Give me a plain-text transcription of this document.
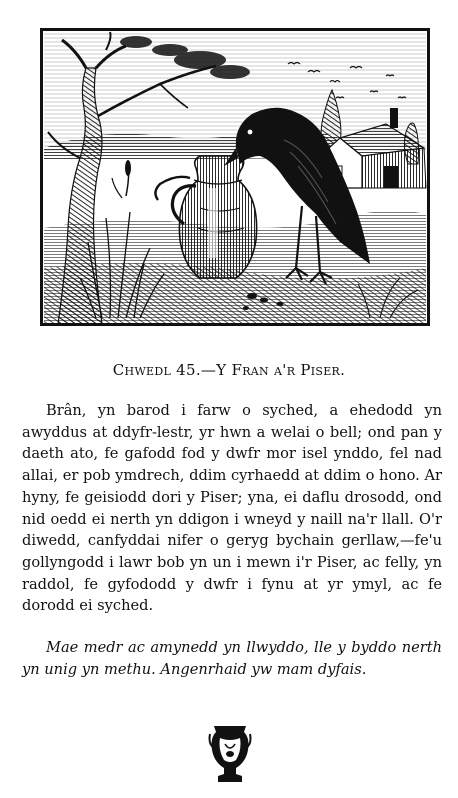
Chwedl 45.—Y Fran a'r Piser.

Brân, yn barod i farw o syched, a ehedodd yn awyddus at ddyfr-lestr, yr hwn a welai o bell; ond pan y daeth ato, fe gafodd fod y dwfr mor isel ynddo, fel nad allai, er pob ymdrech, ddim cyrhaedd at ddim o hono. Ar hyny, fe geisiodd dori y Piser; yna, ei daflu drosodd, ond nid oedd ei nerth yn ddigon i wneyd y naill na'r llall. O'r diwedd, canfyddai nifer o geryg bychain gerllaw,—fe'u gollyngodd i lawr bob yn un i mewn i'r Piser, ac felly, yn raddol, fe gyfododd y dwfr i fynu at yr ymyl, ac fe dorodd ei syched.

Mae medr ac amynedd yn llwyddo, lle y byddo nerth yn unig yn methu. Angenrhaid yw mam dyfais.
